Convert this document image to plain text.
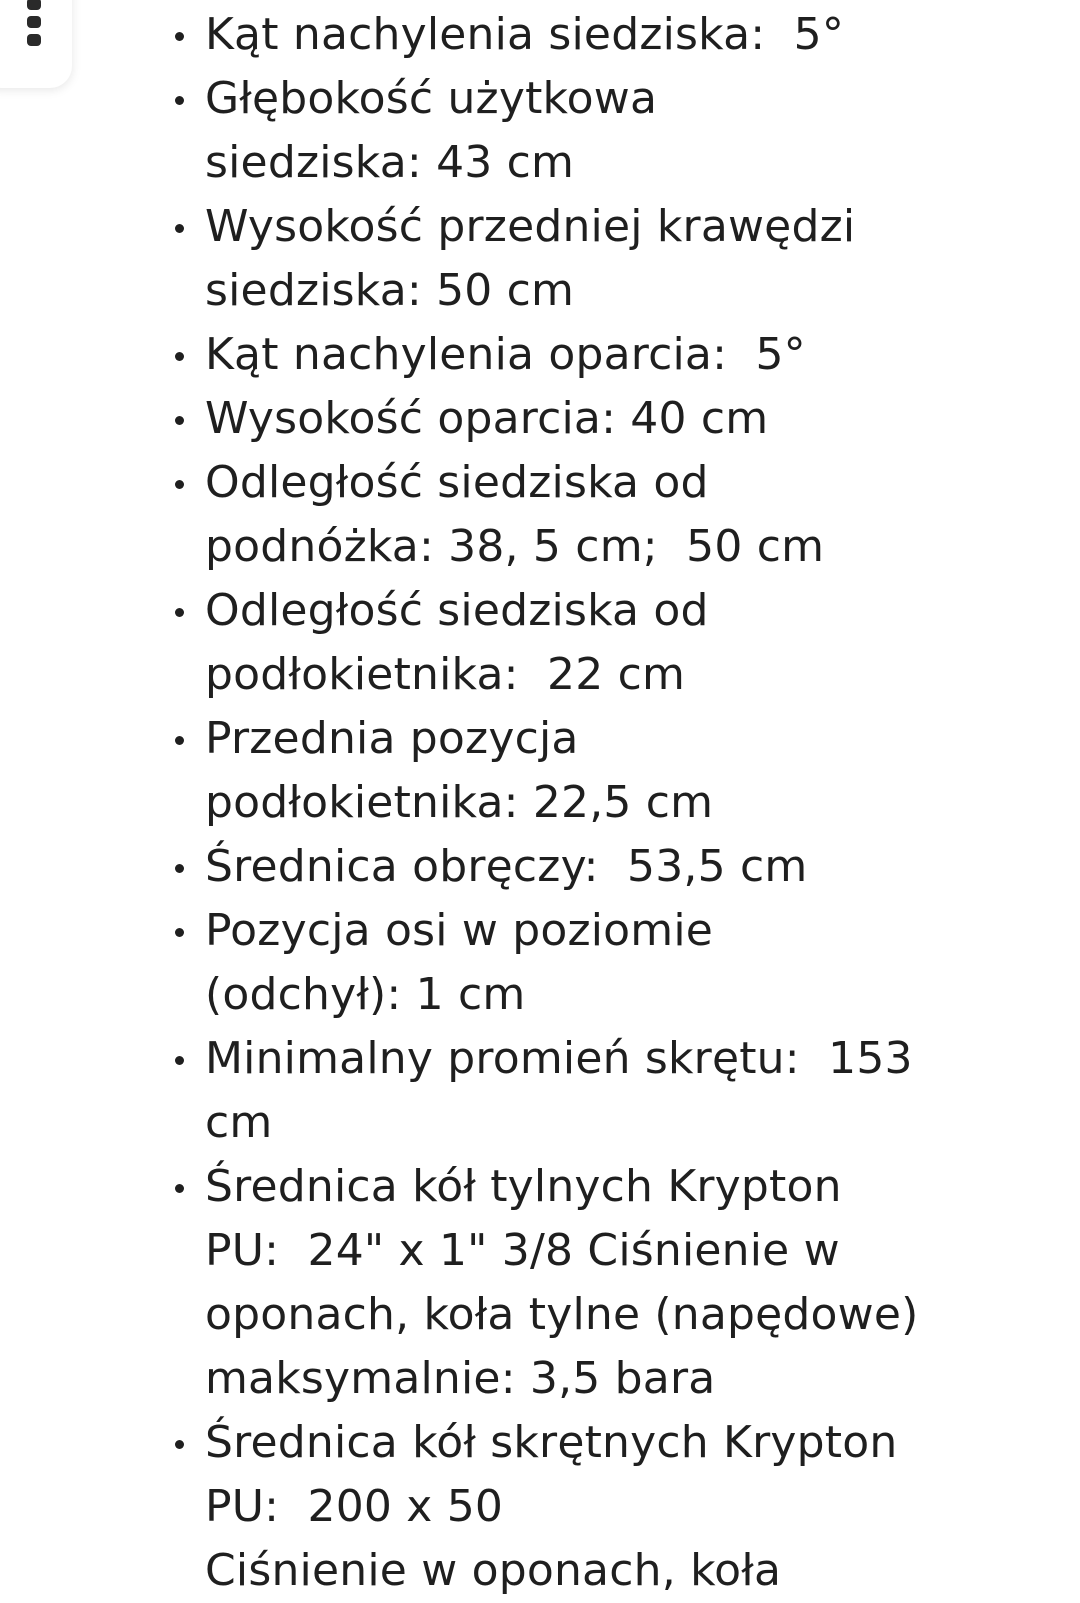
Kąt nachylenia siedziska:  5°
Głębokość użytkowa
siedziska: 43 cm
Wysokość przedniej krawędzi
siedziska: 50 cm
Kąt nachylenia oparcia:  5°
Wysokość oparcia: 40 cm
Odległość siedziska od
podnóżka: 38, 5 cm;  50 cm
Odległość siedziska od
podłokietnika:  22 cm
Przednia pozycja
podłokietnika: 22,5 cm
Średnica obręczy:  53,5 cm
Pozycja osi w poziomie
(odchył): 1 cm
Minimalny promień skrętu:  153
cm
Średnica kół tylnych Krypton
PU:  24" x 1" 3/8 Ciśnienie w
oponach, koła tylne (napędowe)
maksymalnie: 3,5 bara
Średnica kół skrętnych Krypton
PU:  200 x 50
Ciśnienie w oponach, koła
